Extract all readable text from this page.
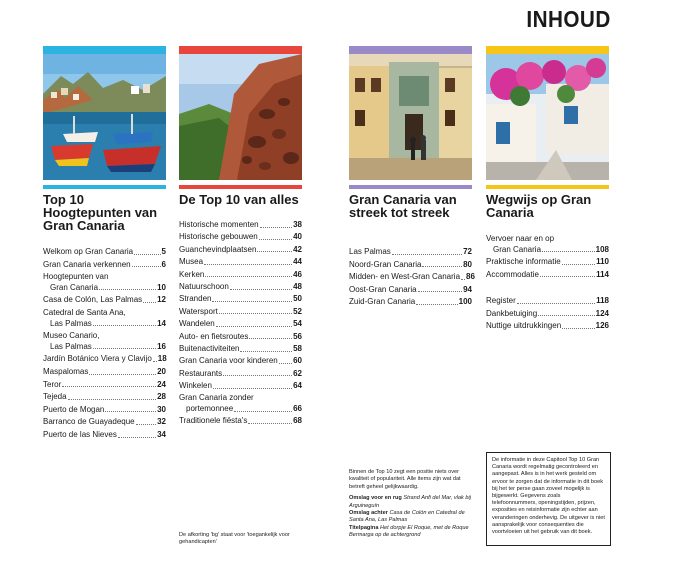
INHOUD
Top 10 Hoogtepunten van Gran Canaria
Welkom op Gran Canaria	5
Gran Canaria verkennen	6
Hoogtepunten van
Gran Canaria	10
Casa de Colón, Las Palmas 12
Catedral de Santa Ana,
Las Palmas	14
Museo Canario,
Las Palmas	16
Jardín Botánico Viera y Clavijo 18
Maspalomas	20
Teror	24
Tejeda	28
Puerto de Mogan	30
Barranco de Guayadeque	32
Puerto de las Nieves	34
De Top 10 van alles
Historische momenten	38
Historische gebouwen	40
Guanchevindplaatsen	42
Musea	44
Kerken	46
Natuurschoon	48
Stranden	50
Watersport	52
Wandelen	54
Auto- en fietsroutes	56
Buitenactiviteiten	58
Gran Canaria voor kinderen 60
Restaurants	62
Winkelen	64
Gran Canaria zonder
portemonnee	66
Traditionele fiësta's	68
De afkorting 'bg' staat voor 'toegankelijk voor gehandicapten'
Gran Canaria van streek tot streek
Las Palmas	72
Noord-Gran Canaria	80
Midden- en West-Gran Canaria 86
Oost-Gran Canaria	94
Zuid-Gran Canaria	100
Binnen de Top 10 zegt een positie niets over kwaliteit of populariteit. Alle items zijn wat dat betreft geheel gelijkwaardig.
Omslag voor en rug Strand Anfi del Mar, vlak bij Arguineguín
Omslag achter Casa de Colón en Catedral de Santa Ana, Las Palmas
Titelpagina Het dorpje El Roque, met de Roque Bermarga op de achtergrond
Wegwijs op Gran Canaria
Vervoer naar en op
Gran Canaria	108
Praktische informatie	110
Accommodatie	114
Register	118
Dankbetuiging	124
Nuttige uitdrukkingen	126
De informatie in deze Capitool Top 10 Gran Canaria wordt regelmatig gecontroleerd en aangepast. Alles is in het werk gesteld om ervoor te zorgen dat de informatie in dit boek bij het ter perse gaan zoveel mogelijk is bijgewerkt. Gegevens zoals telefoonnummers, openingstijden, prijzen, exposities en reisinformatie zijn echter aan veranderingen onderhevig. De uitgever is niet aansprakelijk voor consequenties die voortvloeien uit het gebruik van dit boek.
